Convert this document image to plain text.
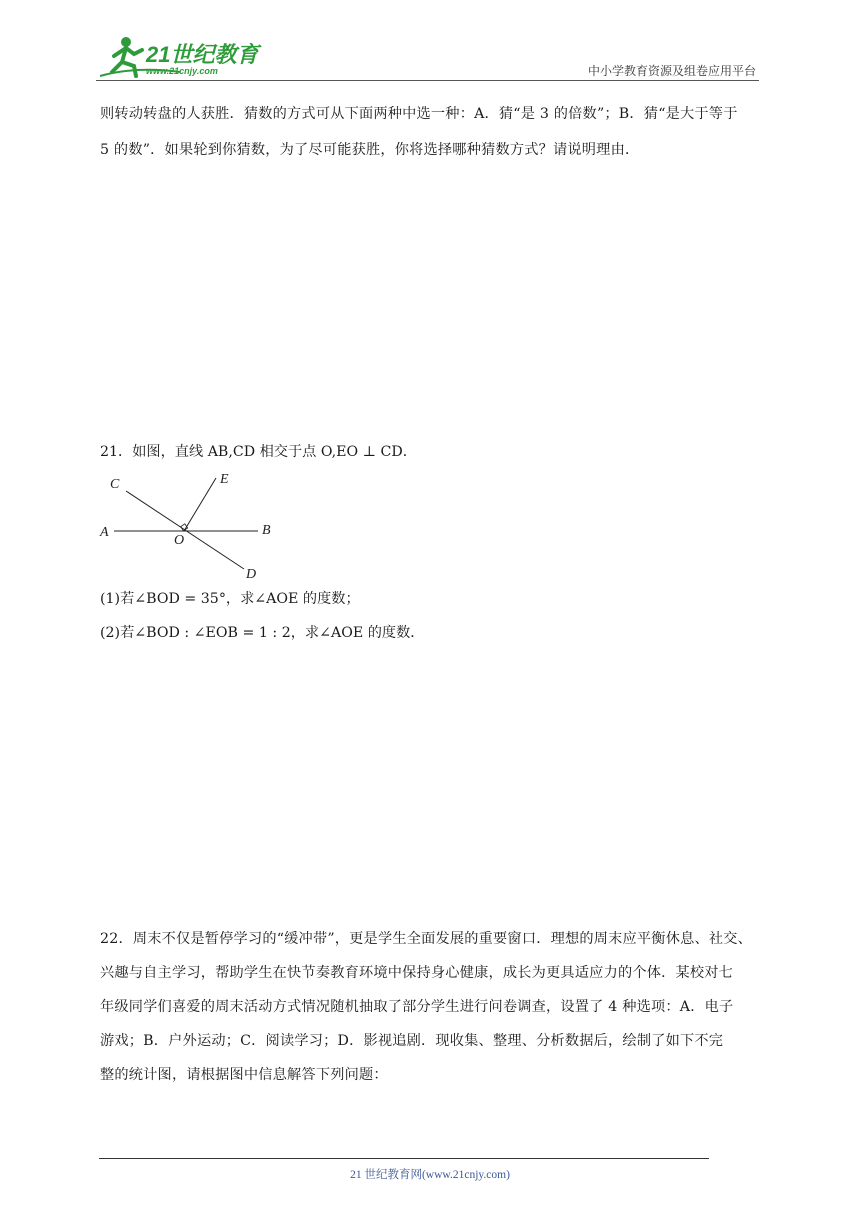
21世纪教育
www.21cnjy.com	中小学教育资源及组卷应用平台
则转动转盘的人获胜．猜数的方式可从下面两种中选一种：A．猜“是 3 的倍数”；B．猜“是大于等于
5 的数”．如果轮到你猜数，为了尽可能获胜，你将选择哪种猜数方式？请说明理由．
21．如图，直线 AB,CD 相交于点 O,EO ⊥ CD．
A	B
C
D
E
O
(1)若∠BOD = 35°，求∠AOE 的度数；
(2)若∠BOD : ∠EOB = 1 : 2，求∠AOE 的度数．
22．周末不仅是暂停学习的“缓冲带”，更是学生全面发展的重要窗口．理想的周末应平衡休息、社交、
兴趣与自主学习，帮助学生在快节奏教育环境中保持身心健康，成长为更具适应力的个体．某校对七
年级同学们喜爱的周末活动方式情况随机抽取了部分学生进行问卷调查，设置了 4 种选项：A．电子
游戏；B．户外运动；C．阅读学习；D．影视追剧．现收集、整理、分析数据后，绘制了如下不完
整的统计图，请根据图中信息解答下列问题：
21 世纪教育网(www.21cnjy.com)
